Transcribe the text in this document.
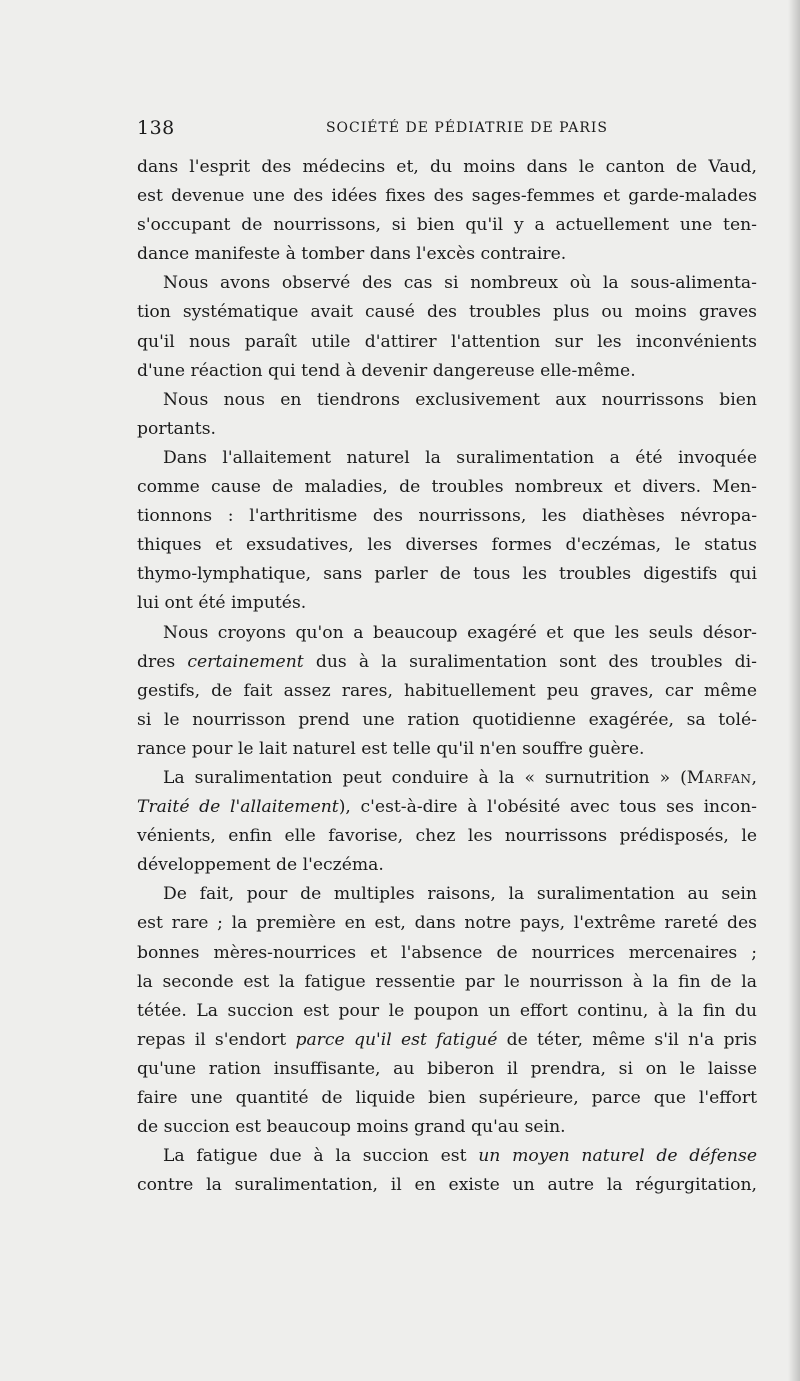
138	SOCIÉTÉ DE PÉDIATRIE DE PARIS
dans l'esprit des médecins et, du moins dans le canton de Vaud,
est devenue une des idées fixes des sages-femmes et garde-malades
s'occupant de nourrissons, si bien qu'il y a actuellement une ten-
dance manifeste à tomber dans l'excès contraire.
Nous avons observé des cas si nombreux où la sous-alimenta-
tion systématique avait causé des troubles plus ou moins graves
qu'il nous paraît utile d'attirer l'attention sur les inconvénients
d'une réaction qui tend à devenir dangereuse elle-même.
Nous nous en tiendrons exclusivement aux nourrissons bien
portants.
Dans l'allaitement naturel la suralimentation a été invoquée
comme cause de maladies, de troubles nombreux et divers. Men-
tionnons : l'arthritisme des nourrissons, les diathèses névropa-
thiques et exsudatives, les diverses formes d'eczémas, le status
thymo-lymphatique, sans parler de tous les troubles digestifs qui
lui ont été imputés.
Nous croyons qu'on a beaucoup exagéré et que les seuls désor-
dres certainement dus à la suralimentation sont des troubles di-
gestifs, de fait assez rares, habituellement peu graves, car même
si le nourrisson prend une ration quotidienne exagérée, sa tolé-
rance pour le lait naturel est telle qu'il n'en souffre guère.
La suralimentation peut conduire à la « surnutrition » (Marfan,
Traité de l'allaitement), c'est-à-dire à l'obésité avec tous ses incon-
vénients, enfin elle favorise, chez les nourrissons prédisposés, le
développement de l'eczéma.
De fait, pour de multiples raisons, la suralimentation au sein
est rare ; la première en est, dans notre pays, l'extrême rareté des
bonnes mères-nourrices et l'absence de nourrices mercenaires ;
la seconde est la fatigue ressentie par le nourrisson à la fin de la
tétée. La succion est pour le poupon un effort continu, à la fin du
repas il s'endort parce qu'il est fatigué de téter, même s'il n'a pris
qu'une ration insuffisante, au biberon il prendra, si on le laisse
faire une quantité de liquide bien supérieure, parce que l'effort
de succion est beaucoup moins grand qu'au sein.
La fatigue due à la succion est un moyen naturel de défense
contre la suralimentation, il en existe un autre la régurgitation,
